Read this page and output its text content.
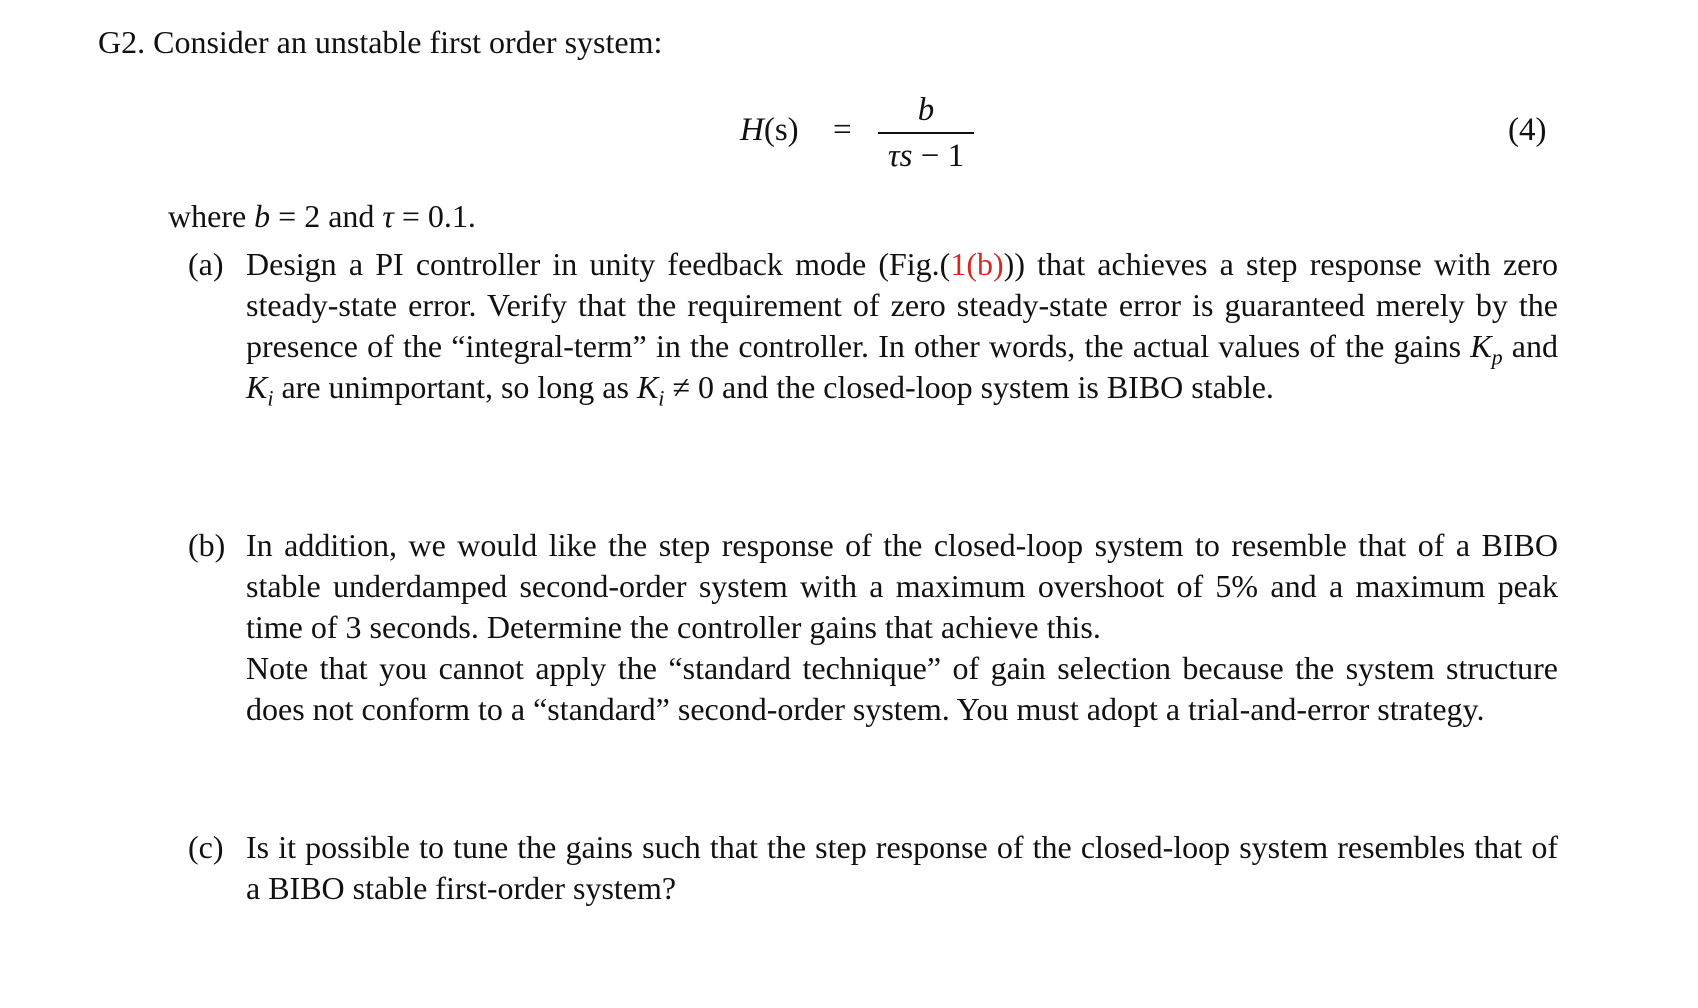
G2. Consider an unstable first order system:
H(s) =
b
τs − 1
(4)
where b = 2 and τ = 0.1.
(a) Design a PI controller in unity feedback mode (Fig.(1(b))) that achieves a step response with zero steady-state error. Verify that the requirement of zero steady-state error is guaranteed merely by the presence of the “integral-term” in the controller. In other words, the actual values of the gains $K_p$ and $K_i$ are unimportant, so long as $K_i \ne 0$ and the closed-loop system is BIBO stable.
(b) In addition, we would like the step response of the closed-loop system to resemble that of a BIBO stable underdamped second-order system with a maximum overshoot of 5% and a maximum peak time of 3 seconds. Determine the controller gains that achieve this.
Note that you cannot apply the “standard technique” of gain selection because the system structure does not conform to a “standard” second-order system. You must adopt a trial-and-error strategy.
(c) Is it possible to tune the gains such that the step response of the closed-loop system resembles that of a BIBO stable first-order system?
